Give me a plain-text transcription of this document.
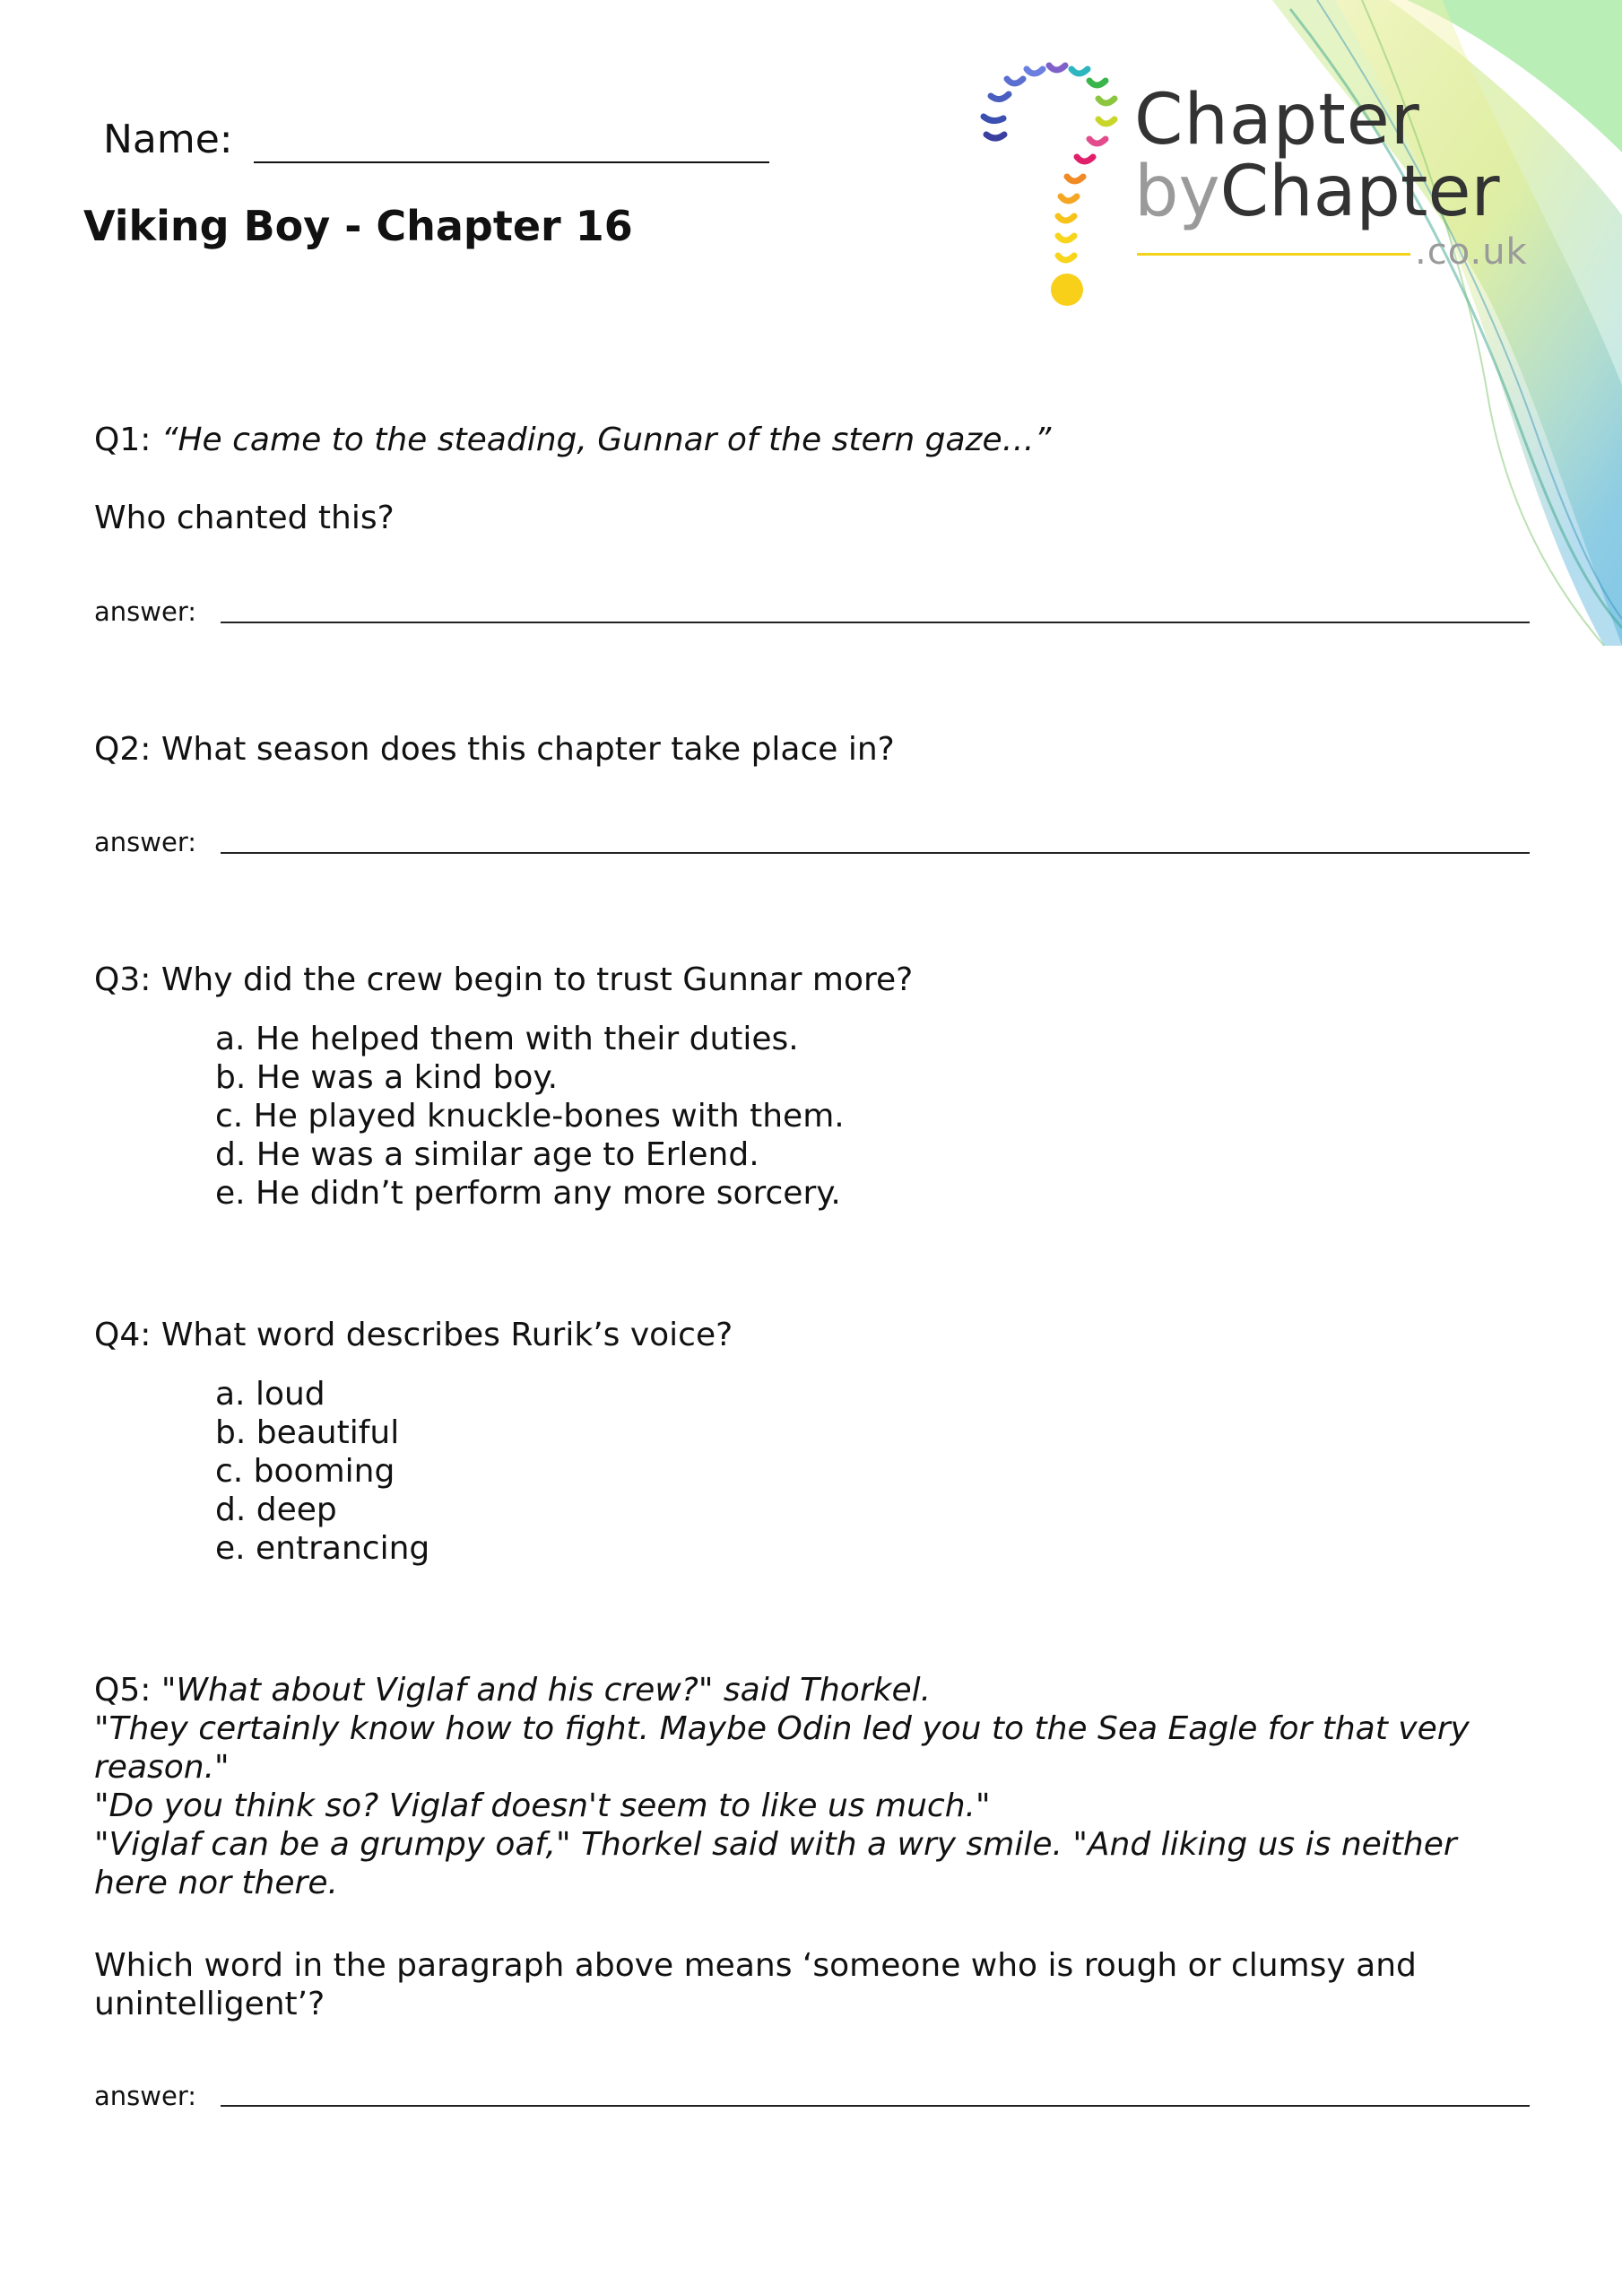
Chapter
byChapter
.co.uk
Name:
Viking Boy - Chapter 16
Q1: “He came to the steading, Gunnar of the stern gaze…”
Who chanted this?
answer:
Q2: What season does this chapter take place in?
answer:
Q3: Why did the crew begin to trust Gunnar more?
a. He helped them with their duties.
b. He was a kind boy.
c. He played knuckle-bones with them.
d. He was a similar age to Erlend.
e. He didn’t perform any more sorcery.
Q4: What word describes Rurik’s voice?
a. loud
b. beautiful
c. booming
d. deep
e. entrancing
Q5: "What about Viglaf and his crew?" said Thorkel.
"They certainly know how to fight. Maybe Odin led you to the Sea Eagle for that very
reason."
"Do you think so? Viglaf doesn't seem to like us much."
"Viglaf can be a grumpy oaf," Thorkel said with a wry smile. "And liking us is neither
here nor there.
Which word in the paragraph above means ‘someone who is rough or clumsy and
unintelligent’?
answer:
